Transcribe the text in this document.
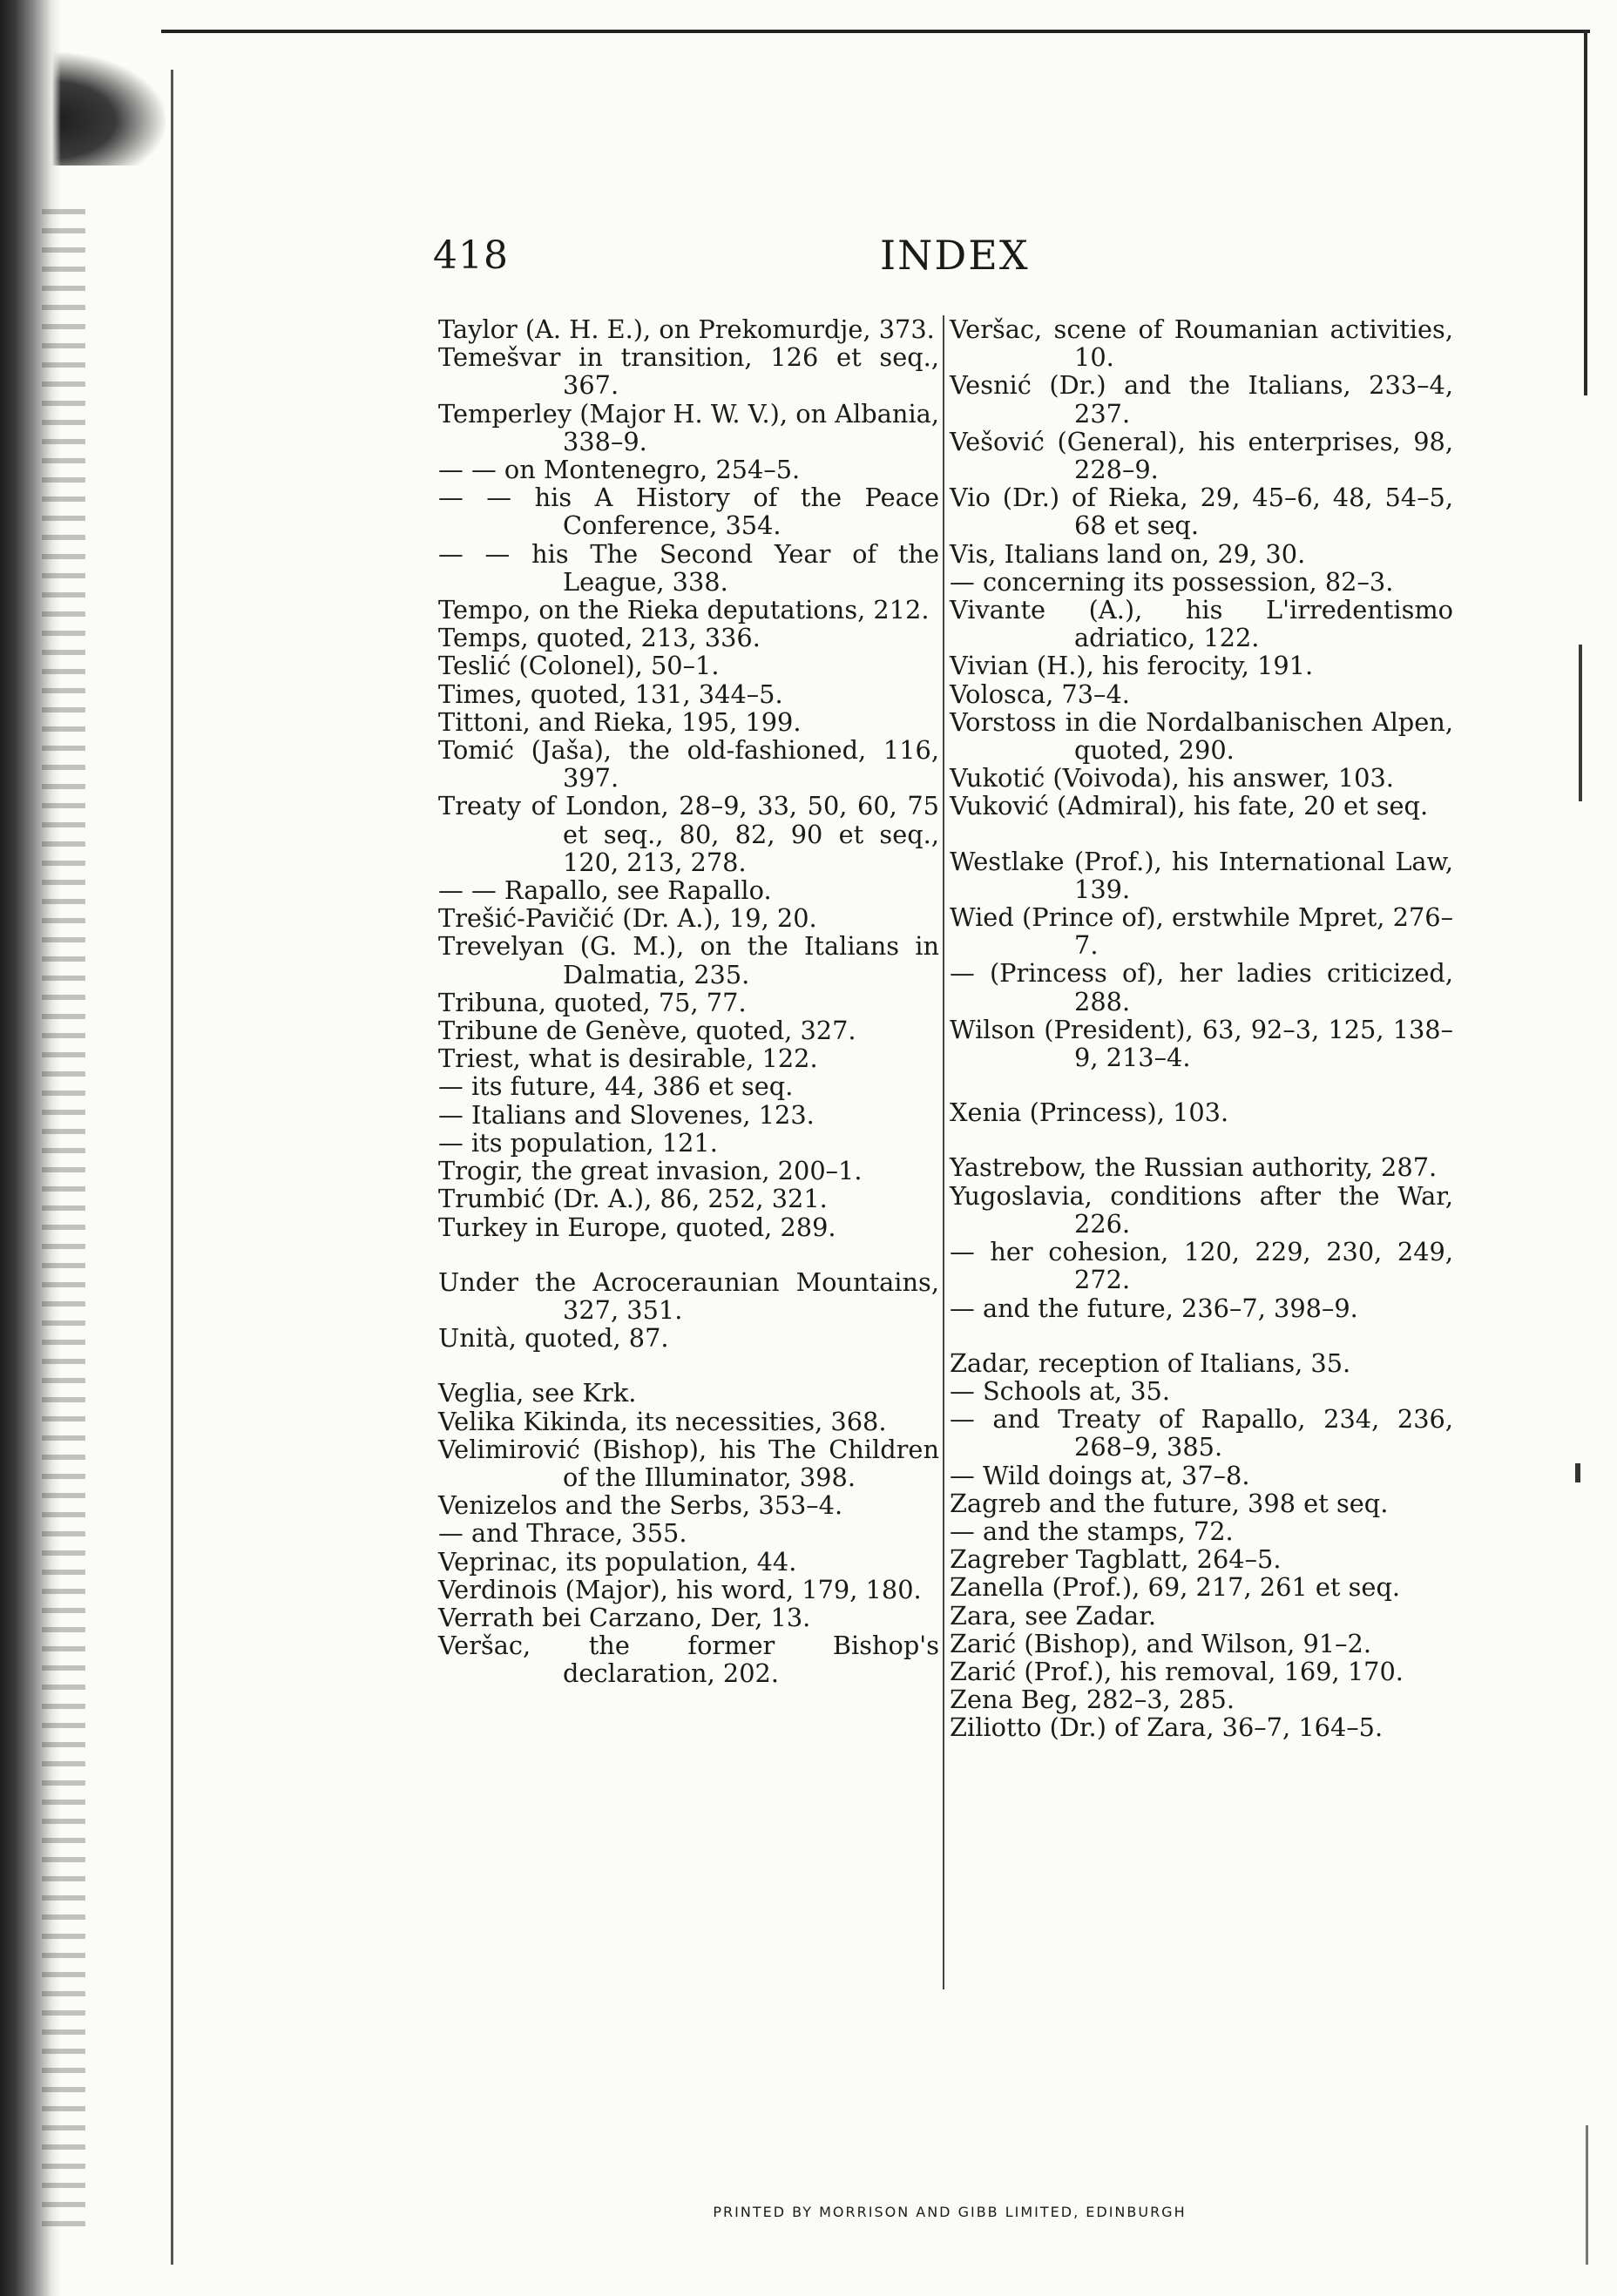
418	INDEX
Taylor (A. H. E.), on Prekomurdje, 373.
Temešvar in transition, 126 et seq., 367.
Temperley (Major H. W. V.), on Albania, 338–9.
— — on Montenegro, 254–5.
— — his A History of the Peace Conference, 354.
— — his The Second Year of the League, 338.
Tempo, on the Rieka deputations, 212.
Temps, quoted, 213, 336.
Teslić (Colonel), 50–1.
Times, quoted, 131, 344–5.
Tittoni, and Rieka, 195, 199.
Tomić (Jaša), the old-fashioned, 116, 397.
Treaty of London, 28–9, 33, 50, 60, 75 et seq., 80, 82, 90 et seq., 120, 213, 278.
— — Rapallo, see Rapallo.
Trešić-Pavičić (Dr. A.), 19, 20.
Trevelyan (G. M.), on the Italians in Dalmatia, 235.
Tribuna, quoted, 75, 77.
Tribune de Genève, quoted, 327.
Triest, what is desirable, 122.
— its future, 44, 386 et seq.
— Italians and Slovenes, 123.
— its population, 121.
Trogir, the great invasion, 200–1.
Trumbić (Dr. A.), 86, 252, 321.
Turkey in Europe, quoted, 289.
Under the Acroceraunian Mountains, 327, 351.
Unità, quoted, 87.
Veglia, see Krk.
Velika Kikinda, its necessities, 368.
Velimirović (Bishop), his The Children of the Illuminator, 398.
Venizelos and the Serbs, 353–4.
— and Thrace, 355.
Veprinac, its population, 44.
Verdinois (Major), his word, 179, 180.
Verrath bei Carzano, Der, 13.
Veršac, the former Bishop's declaration, 202.
Veršac, scene of Roumanian activities, 10.
Vesnić (Dr.) and the Italians, 233–4, 237.
Vešović (General), his enterprises, 98, 228–9.
Vio (Dr.) of Rieka, 29, 45–6, 48, 54–5, 68 et seq.
Vis, Italians land on, 29, 30.
— concerning its possession, 82–3.
Vivante (A.), his L'irredentismo adriatico, 122.
Vivian (H.), his ferocity, 191.
Volosca, 73–4.
Vorstoss in die Nordalbanischen Alpen, quoted, 290.
Vukotić (Voivoda), his answer, 103.
Vuković (Admiral), his fate, 20 et seq.
Westlake (Prof.), his International Law, 139.
Wied (Prince of), erstwhile Mpret, 276–7.
— (Princess of), her ladies criticized, 288.
Wilson (President), 63, 92–3, 125, 138–9, 213–4.
Xenia (Princess), 103.
Yastrebow, the Russian authority, 287.
Yugoslavia, conditions after the War, 226.
— her cohesion, 120, 229, 230, 249, 272.
— and the future, 236–7, 398–9.
Zadar, reception of Italians, 35.
— Schools at, 35.
— and Treaty of Rapallo, 234, 236, 268–9, 385.
— Wild doings at, 37–8.
Zagreb and the future, 398 et seq.
— and the stamps, 72.
Zagreber Tagblatt, 264–5.
Zanella (Prof.), 69, 217, 261 et seq.
Zara, see Zadar.
Zarić (Bishop), and Wilson, 91–2.
Zarić (Prof.), his removal, 169, 170.
Zena Beg, 282–3, 285.
Ziliotto (Dr.) of Zara, 36–7, 164–5.
PRINTED BY MORRISON AND GIBB LIMITED, EDINBURGH
